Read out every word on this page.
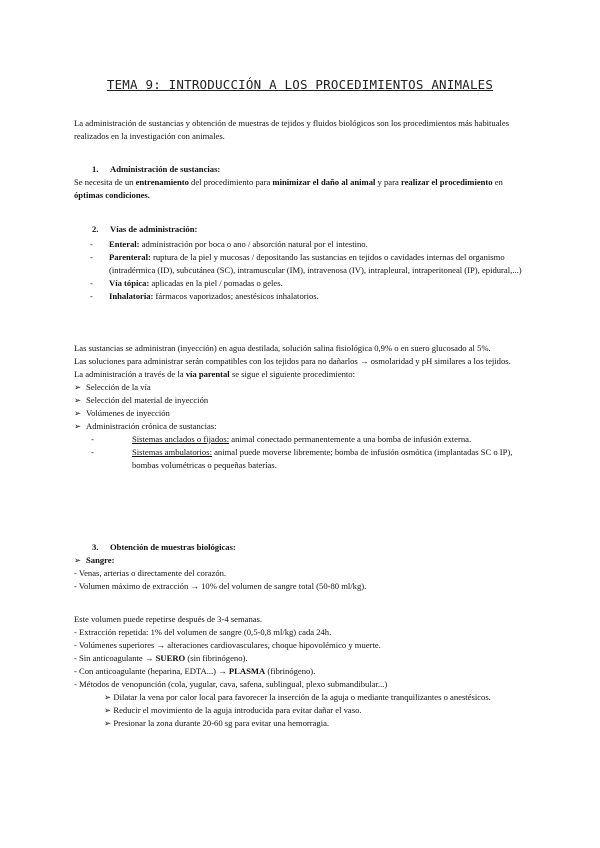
TEMA 9: INTRODUCCIÓN A LOS PROCEDIMIENTOS ANIMALES

La administración de sustancias y obtención de muestras de tejidos y fluidos biológicos son los procedimientos más habituales realizados en la investigación con animales.

1. Administración de sustancias:

Se necesita de un entrenamiento del procedimiento para minimizar el daño al animal y para realizar el procedimiento en óptimas condiciones.

2. Vías de administración:
- Enteral: administración por boca o ano / absorción natural por el intestino.
- Parenteral: ruptura de la piel y mucosas / depositando las sustancias en tejidos o cavidades internas del organismo (intradérmica (ID), subcutánea (SC), intramuscular (IM), intravenosa (IV), intrapleural, intraperitoneal (IP), epidural,...)
- Vía tópica: aplicadas en la piel / pomadas o geles.
- Inhalatoria: fármacos vaporizados; anestésicos inhalatorios.

Las sustancias se administran (inyección) en agua destilada, solución salina fisiológica 0,9% o en suero glucosado al 5%.

Las soluciones para administrar serán compatibles con los tejidos para no dañarlos → osmolaridad y pH similares a los tejidos.

La administración a través de la vía parental se sigue el siguiente procedimiento:

➢ Selección de la vía
➢ Selección del material de inyección
➢ Volúmenes de inyección
➢ Administración crónica de sustancias:
-	Sistemas anclados o fijados: animal conectado permanentemente a una bomba de infusión externa.
-	Sistemas ambulatorios: animal puede moverse libremente; bomba de infusión osmótica (implantadas SC o IP), bombas volumétricas o pequeñas baterías.
3. Obtención de muestras biológicas:
➢ Sangre:

- Venas, arterias o directamente del corazón.

- Volumen máximo de extracción → 10% del volumen de sangre total (50-80 ml/kg).

Este volumen puede repetirse después de 3-4 semanas.

- Extracción repetida: 1% del volumen de sangre (0,5-0,8 ml/kg) cada 24h.

- Volúmenes superiores → alteraciones cardiovasculares, choque hipovolémico y muerte.

- Sin anticoagulante → SUERO (sin fibrinógeno).

- Con anticoagulante (heparina, EDTA...) → PLASMA (fibrinógeno).

- Métodos de venopunción (cola, yugular, cava, safena, sublingual, plexo submandibular...)

➢ Dilatar la vena por calor local para favorecer la inserción de la aguja o mediante tranquilizantes o anestésicos.

➢ Reducir el movimiento de la aguja introducida para evitar dañar el vaso.

➢ Presionar la zona durante 20-60 sg para evitar una hemorragia.
